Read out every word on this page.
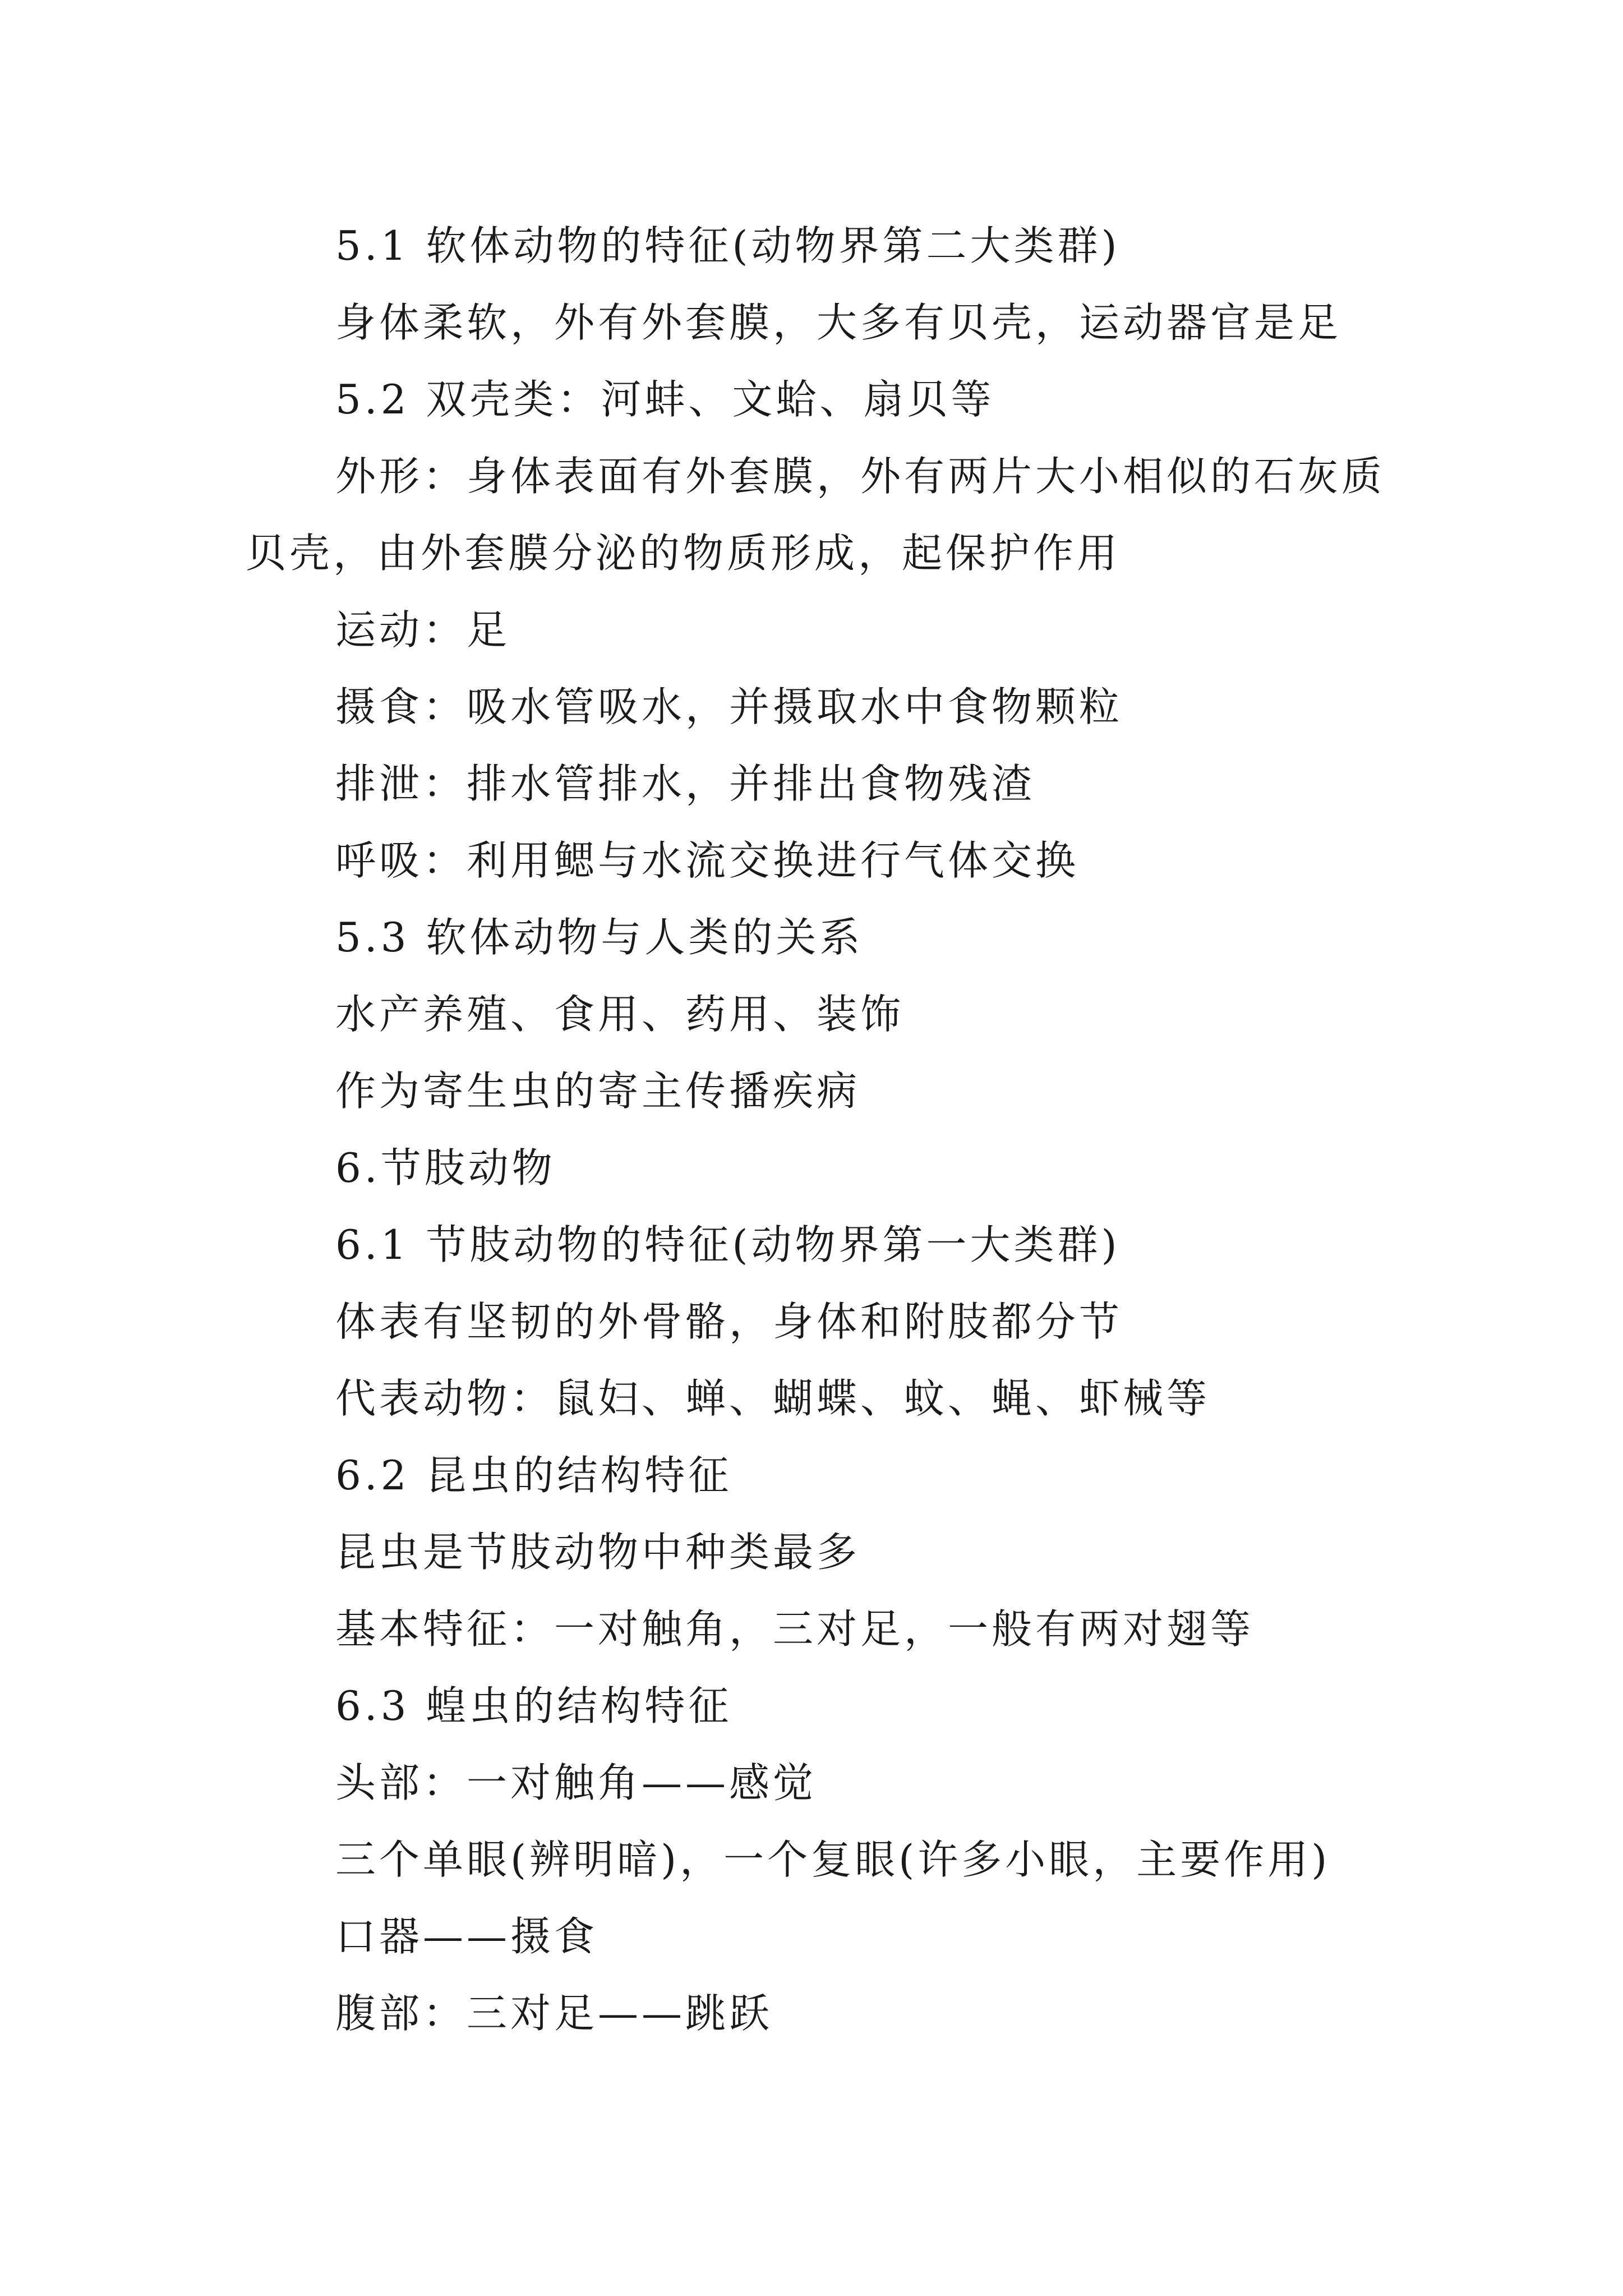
5.1 软体动物的特征(动物界第二大类群)

身体柔软，外有外套膜，大多有贝壳，运动器官是足

5.2 双壳类：河蚌、文蛤、扇贝等

外形：身体表面有外套膜，外有两片大小相似的石灰质贝壳，由外套膜分泌的物质形成，起保护作用

运动：足

摄食：吸水管吸水，并摄取水中食物颗粒

排泄：排水管排水，并排出食物残渣

呼吸：利用鳃与水流交换进行气体交换

5.3 软体动物与人类的关系

水产养殖、食用、药用、装饰

作为寄生虫的寄主传播疾病

6.节肢动物

6.1 节肢动物的特征(动物界第一大类群)

体表有坚韧的外骨骼，身体和附肢都分节

代表动物：鼠妇、蝉、蝴蝶、蚊、蝇、虾械等

6.2 昆虫的结构特征

昆虫是节肢动物中种类最多

基本特征：一对触角，三对足，一般有两对翅等

6.3 蝗虫的结构特征

头部：一对触角——感觉

三个单眼(辨明暗)，一个复眼(许多小眼，主要作用)

口器——摄食

腹部：三对足——跳跃
